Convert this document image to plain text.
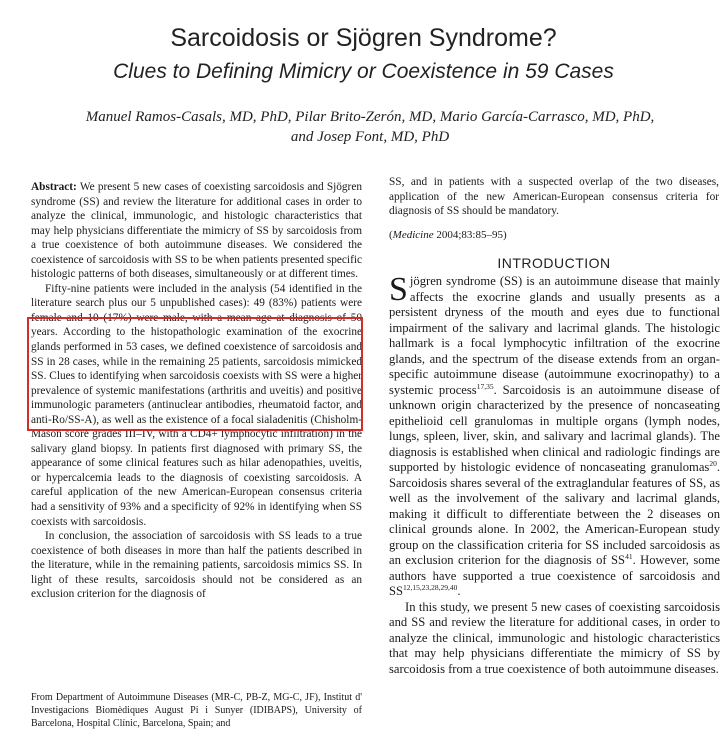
Sarcoidosis or Sjögren Syndrome?
Clues to Defining Mimicry or Coexistence in 59 Cases
Manuel Ramos-Casals, MD, PhD, Pilar Brito-Zerón, MD, Mario García-Carrasco, MD, PhD,
and Josep Font, MD, PhD

Abstract: We present 5 new cases of coexisting sarcoidosis and Sjögren syndrome (SS) and review the literature for additional cases in order to analyze the clinical, immunologic, and histologic characteristics that may help physicians differentiate the mimicry of SS by sarcoidosis from a true coexistence of both autoimmune diseases. We considered the coexistence of sarcoidosis with SS to be when patients presented specific histologic patterns of both diseases, simultaneously or at different times.

Fifty-nine patients were included in the analysis (54 identified in the literature search plus our 5 unpublished cases): 49 (83%) patients were female and 10 (17%) were male, with a mean age at diagnosis of 50 years. According to the histopathologic examination of the exocrine glands performed in 53 cases, we defined coexistence of sarcoidosis and SS in 28 cases, while in the remaining 25 patients, sarcoidosis mimicked SS. Clues to identifying when sarcoidosis coexists with SS were a higher prevalence of systemic manifestations (arthritis and uveitis) and positive immunologic parameters (antinuclear antibodies, rheumatoid factor, and anti-Ro/SS-A), as well as the existence of a focal sialadenitis (Chisholm-Mason score grades III–IV, with a CD4+ lymphocytic infiltration) in the salivary gland biopsy. In patients first diagnosed with primary SS, the appearance of some clinical features such as hilar adenopathies, uveitis, or hypercalcemia leads to the diagnosis of coexisting sarcoidosis. A careful application of the new American-European consensus criteria had a sensitivity of 93% and a specificity of 92% in identifying when SS coexists with sarcoidosis.

In conclusion, the association of sarcoidosis with SS leads to a true coexistence of both diseases in more than half the patients described in the literature, while in the remaining patients, sarcoidosis mimics SS. In light of these results, sarcoidosis should not be considered as an exclusion criterion for the diagnosis of

From Department of Autoimmune Diseases (MR-C, PB-Z, MG-C, JF), Institut d' Investigacions Biomèdiques August Pi i Sunyer (IDIBAPS), University of Barcelona, Hospital Clínic, Barcelona, Spain; and

SS, and in patients with a suspected overlap of the two diseases, application of the new American-European consensus criteria for diagnosis of SS should be mandatory.

(Medicine 2004;83:85–95)
INTRODUCTION

Sjögren syndrome (SS) is an autoimmune disease that mainly affects the exocrine glands and usually presents as a persistent dryness of the mouth and eyes due to functional impairment of the salivary and lacrimal glands. The histologic hallmark is a focal lymphocytic infiltration of the exocrine glands, and the spectrum of the disease extends from an organ-specific autoimmune disease (autoimmune exocrinopathy) to a systemic process$^{17,35}$. Sarcoidosis is an autoimmune disease of unknown origin characterized by the presence of noncaseating epithelioid cell granulomas in multiple organs (lymph nodes, lungs, spleen, liver, skin, and salivary and lacrimal glands). The diagnosis is established when clinical and radiologic findings are supported by histologic evidence of noncaseating granulomas$^{20}$. Sarcoidosis shares several of the extraglandular features of SS, as well as the involvement of the salivary and lacrimal glands, making it difficult to differentiate between the 2 diseases on clinical grounds alone. In 2002, the American-European study group on the classification criteria for SS included sarcoidosis as an exclusion criterion for the diagnosis of SS$^{41}$. However, some authors have supported a true coexistence of sarcoidosis and SS$^{12,15,23,28,29,40}$.

In this study, we present 5 new cases of coexisting sarcoidosis and SS and review the literature for additional cases, in order to analyze the clinical, immunologic and histologic characteristics that may help physicians differentiate the mimicry of SS by sarcoidosis from a true coexistence of both autoimmune diseases.
